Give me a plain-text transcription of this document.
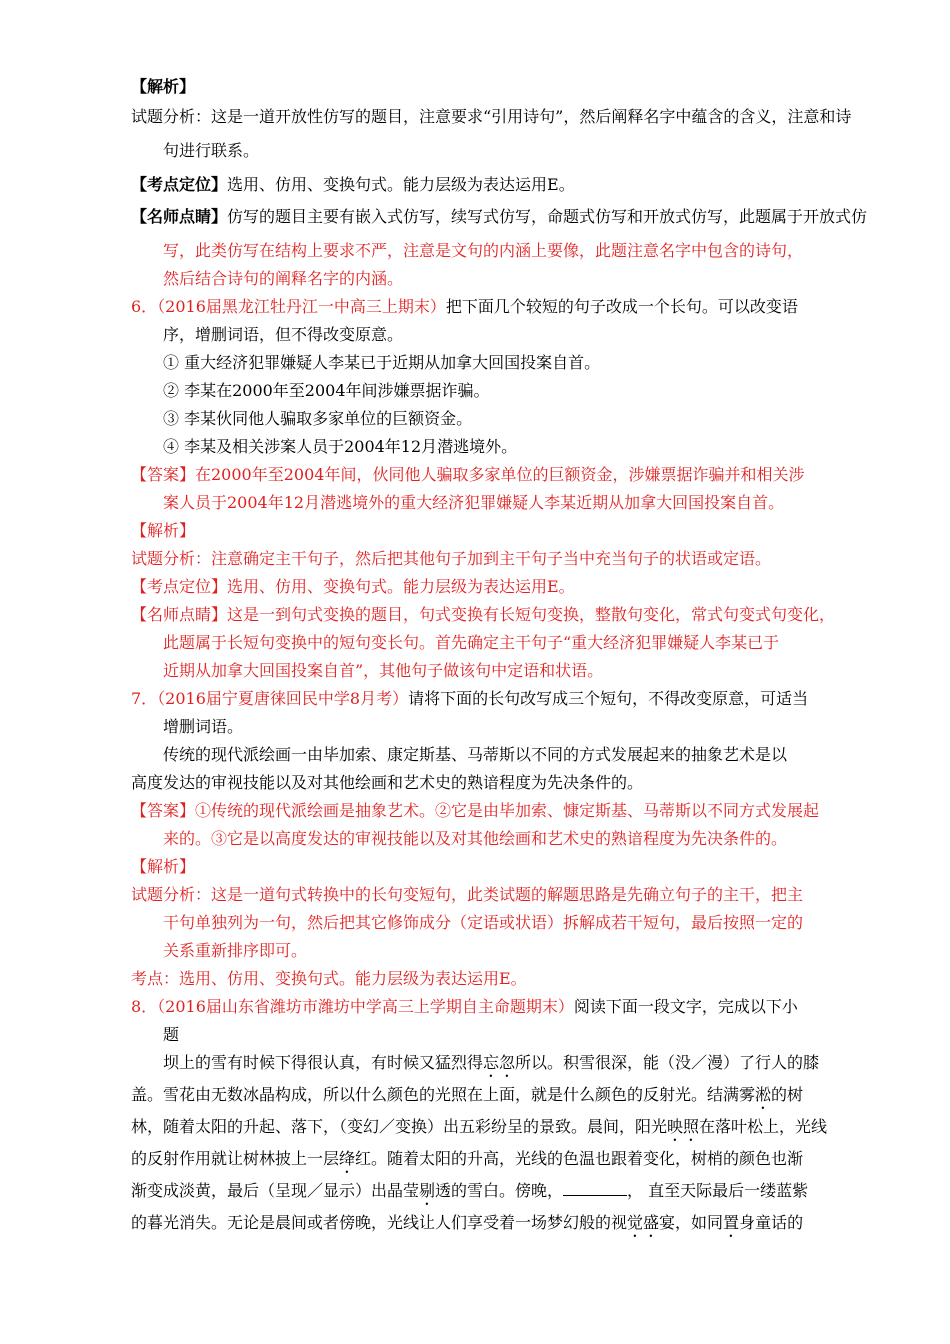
【解析】
试题分析：这是一道开放性仿写的题目，注意要求“引用诗句”，然后阐释名字中蕴含的含义，注意和诗
句进行联系。
【考点定位】选用、仿用、变换句式。能力层级为表达运用E。
【名师点睛】仿写的题目主要有嵌入式仿写，续写式仿写，命题式仿写和开放式仿写，此题属于开放式仿
写，此类仿写在结构上要求不严，注意是文句的内涵上要像，此题注意名字中包含的诗句，
然后结合诗句的阐释名字的内涵。
6．（2016届黑龙江牡丹江一中高三上期末）把下面几个较短的句子改成一个长句。可以改变语
序，增删词语，但不得改变原意。
① 重大经济犯罪嫌疑人李某已于近期从加拿大回国投案自首。
② 李某在2000年至2004年间涉嫌票据诈骗。
③ 李某伙同他人骗取多家单位的巨额资金。
④ 李某及相关涉案人员于2004年12月潜逃境外。
【答案】在2000年至2004年间，伙同他人骗取多家单位的巨额资金，涉嫌票据诈骗并和相关涉
案人员于2004年12月潜逃境外的重大经济犯罪嫌疑人李某近期从加拿大回国投案自首。
【解析】
试题分析：注意确定主干句子，然后把其他句子加到主干句子当中充当句子的状语或定语。
【考点定位】选用、仿用、变换句式。能力层级为表达运用E。
【名师点睛】这是一到句式变换的题目，句式变换有长短句变换，整散句变化，常式句变式句变化，
此题属于长短句变换中的短句变长句。首先确定主干句子“重大经济犯罪嫌疑人李某已于
近期从加拿大回国投案自首”，其他句子做该句中定语和状语。
7．（2016届宁夏唐徕回民中学8月考）请将下面的长句改写成三个短句，不得改变原意，可适当
增删词语。
传统的现代派绘画一由毕加索、康定斯基、马蒂斯以不同的方式发展起来的抽象艺术是以
高度发达的审视技能以及对其他绘画和艺术史的熟谙程度为先决条件的。
【答案】①传统的现代派绘画是抽象艺术。②它是由毕加索、慷定斯基、马蒂斯以不同方式发展起
来的。③它是以高度发达的审视技能以及对其他绘画和艺术史的熟谙程度为先决条件的。
【解析】
试题分析：这是一道句式转换中的长句变短句，此类试题的解题思路是先确立句子的主干，把主
干句单独列为一句，然后把其它修饰成分（定语或状语）拆解成若干短句，最后按照一定的
关系重新排序即可。
考点：选用、仿用、变换句式。能力层级为表达运用E。
8．（2016届山东省潍坊市潍坊中学高三上学期自主命题期末）阅读下面一段文字，完成以下小
题
坝上的雪有时候下得很认真，有时候又猛烈得忘忽所以。积雪很深，能（没／漫）了行人的膝
盖。雪花由无数冰晶构成，所以什么颜色的光照在上面，就是什么颜色的反射光。结满雾淞的树
林，随着太阳的升起、落下，（变幻／变换）出五彩纷呈的景致。晨间，阳光映照在落叶松上，光线
的反射作用就让树林披上一层绛红。随着太阳的升高，光线的色温也跟着变化，树梢的颜色也渐
渐变成淡黄，最后（呈现／显示）出晶莹剔透的雪白。傍晚，	， 直至天际最后一缕蓝紫
的暮光消失。无论是晨间或者傍晚，光线让人们享受着一场梦幻般的视觉盛宴，如同置身童话的
